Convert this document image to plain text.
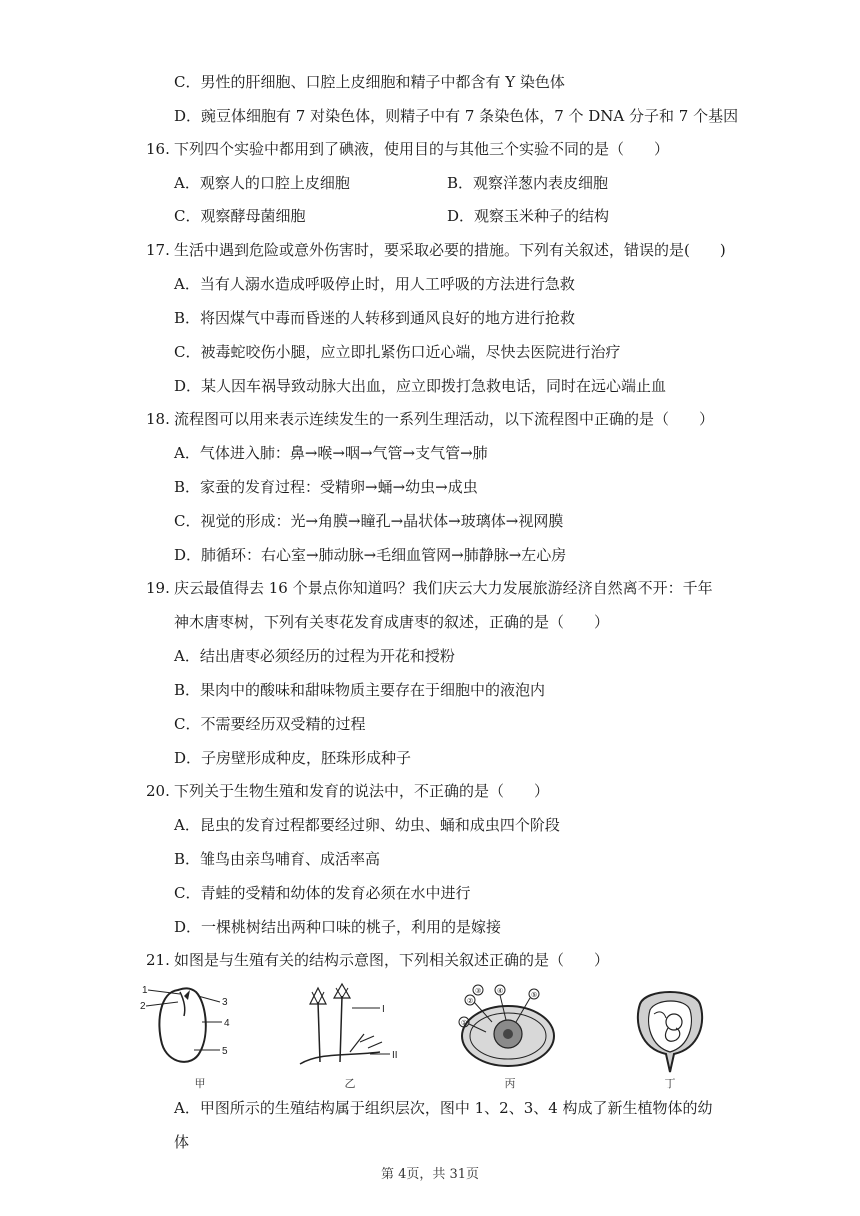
C．男性的肝细胞、口腔上皮细胞和精子中都含有 Y 染色体
D．豌豆体细胞有 7 对染色体，则精子中有 7 条染色体，7 个 DNA 分子和 7 个基因
16. 下列四个实验中都用到了碘液，使用目的与其他三个实验不同的是（　　）
A．观察人的口腔上皮细胞	B．观察洋葱内表皮细胞
C．观察酵母菌细胞	D．观察玉米种子的结构
17. 生活中遇到危险或意外伤害时，要采取必要的措施。下列有关叙述，错误的是(　　)
A．当有人溺水造成呼吸停止时，用人工呼吸的方法进行急救
B．将因煤气中毒而昏迷的人转移到通风良好的地方进行抢救
C．被毒蛇咬伤小腿，应立即扎紧伤口近心端，尽快去医院进行治疗
D．某人因车祸导致动脉大出血，应立即拨打急救电话，同时在远心端止血
18. 流程图可以用来表示连续发生的一系列生理活动，以下流程图中正确的是（　　）
A．气体进入肺：鼻→喉→咽→气管→支气管→肺
B．家蚕的发育过程：受精卵→蛹→幼虫→成虫
C．视觉的形成：光→角膜→瞳孔→晶状体→玻璃体→视网膜
D．肺循环：右心室→肺动脉→毛细血管网→肺静脉→左心房
19. 庆云最值得去 16 个景点你知道吗？我们庆云大力发展旅游经济自然离不开：千年
神木唐枣树，下列有关枣花发育成唐枣的叙述，正确的是（　　）
A．结出唐枣必须经历的过程为开花和授粉
B．果肉中的酸味和甜味物质主要存在于细胞中的液泡内
C．不需要经历双受精的过程
D．子房壁形成种皮，胚珠形成种子
20. 下列关于生物生殖和发育的说法中，不正确的是（　　）
A．昆虫的发育过程都要经过卵、幼虫、蛹和成虫四个阶段
B．雏鸟由亲鸟哺育、成活率高
C．青蛙的受精和幼体的发育必须在水中进行
D．一棵桃树结出两种口味的桃子，利用的是嫁接
21. 如图是与生殖有关的结构示意图，下列相关叙述正确的是（　　）
1
2	3
4
5
甲
I
II
乙
②
④
⑤
①
③
丙	丁
A．甲图所示的生殖结构属于组织层次，图中 1、2、3、4 构成了新生植物体的幼
体
第 4页，共 31页
